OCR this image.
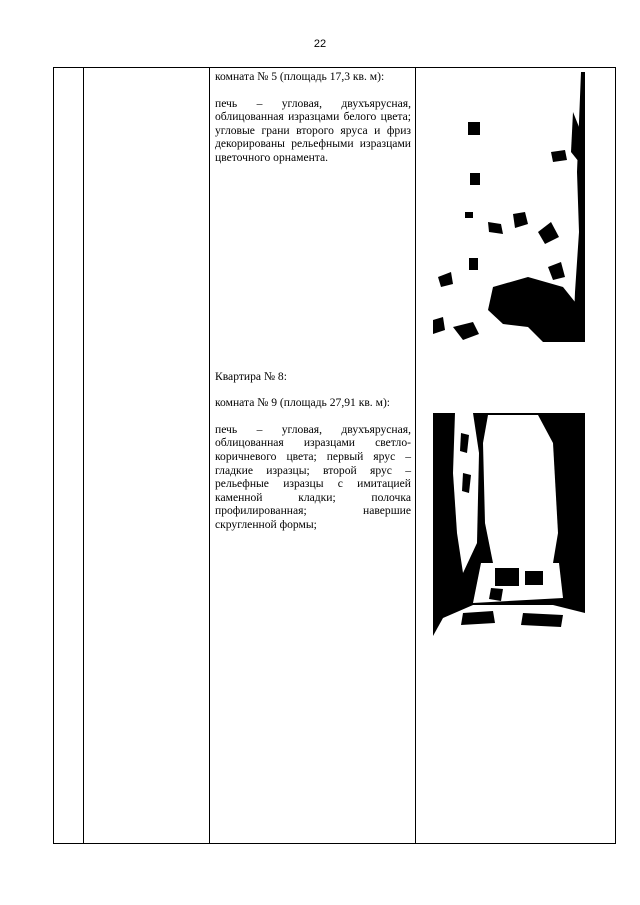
22

комната № 5 (площадь 17,3 кв. м):

печь – угловая, двухъярусная, облицованная изразцами белого цвета; угловые грани второго яруса и фриз декорированы рельефными изразцами цветочного орнамента.

Квартира № 8:

комната № 9 (площадь 27,91 кв. м):

печь – угловая, двухъярусная, облицованная изразцами светло-коричневого цвета; первый ярус – гладкие изразцы; второй ярус – рельефные изразцы с имитацией каменной кладки; полочка профилированная; навершие скругленной формы;
